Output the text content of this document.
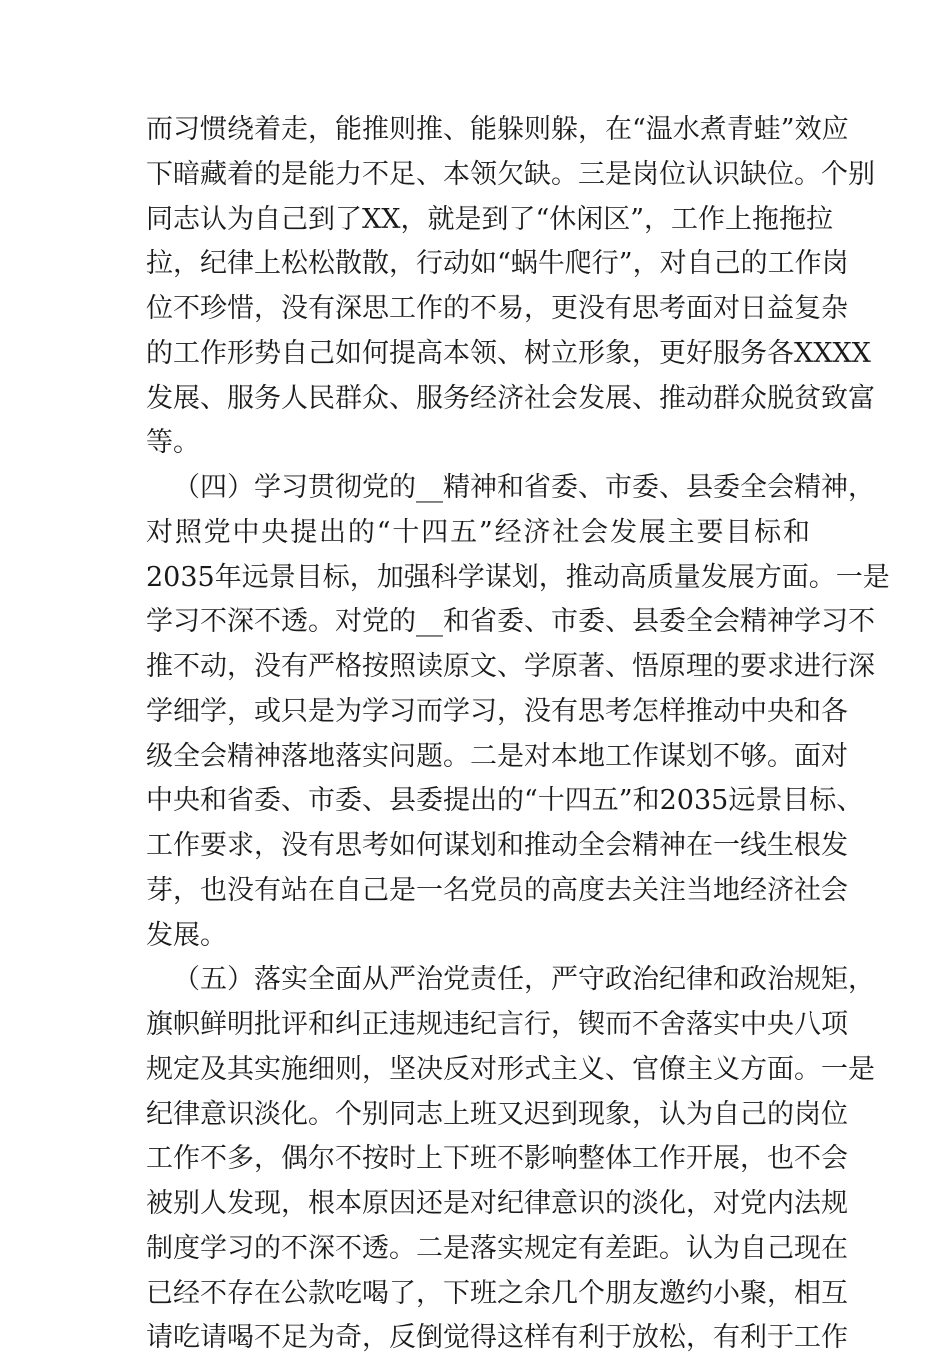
而习惯绕着走，能推则推、能躲则躲，在“温水煮青蛙”效应
下暗藏着的是能力不足、本领欠缺。三是岗位认识缺位。个别
同志认为自己到了XX，就是到了“休闲区”，工作上拖拖拉
拉，纪律上松松散散，行动如“蜗牛爬行”，对自己的工作岗
位不珍惜，没有深思工作的不易，更没有思考面对日益复杂
的工作形势自己如何提高本领、树立形象，更好服务各XXXX
发展、服务人民群众、服务经济社会发展、推动群众脱贫致富
等。
（四）学习贯彻党的__精神和省委、市委、县委全会精神，
对照党中央提出的“十四五”经济社会发展主要目标和
2035年远景目标，加强科学谋划，推动高质量发展方面。一是
学习不深不透。对党的__和省委、市委、县委全会精神学习不
推不动，没有严格按照读原文、学原著、悟原理的要求进行深
学细学，或只是为学习而学习，没有思考怎样推动中央和各
级全会精神落地落实问题。二是对本地工作谋划不够。面对
中央和省委、市委、县委提出的“十四五”和2035远景目标、
工作要求，没有思考如何谋划和推动全会精神在一线生根发
芽，也没有站在自己是一名党员的高度去关注当地经济社会
发展。
（五）落实全面从严治党责任，严守政治纪律和政治规矩，
旗帜鲜明批评和纠正违规违纪言行，锲而不舍落实中央八项
规定及其实施细则，坚决反对形式主义、官僚主义方面。一是
纪律意识淡化。个别同志上班又迟到现象，认为自己的岗位
工作不多，偶尔不按时上下班不影响整体工作开展，也不会
被别人发现，根本原因还是对纪律意识的淡化，对党内法规
制度学习的不深不透。二是落实规定有差距。认为自己现在
已经不存在公款吃喝了，下班之余几个朋友邀约小聚，相互
请吃请喝不足为奇，反倒觉得这样有利于放松，有利于工作
